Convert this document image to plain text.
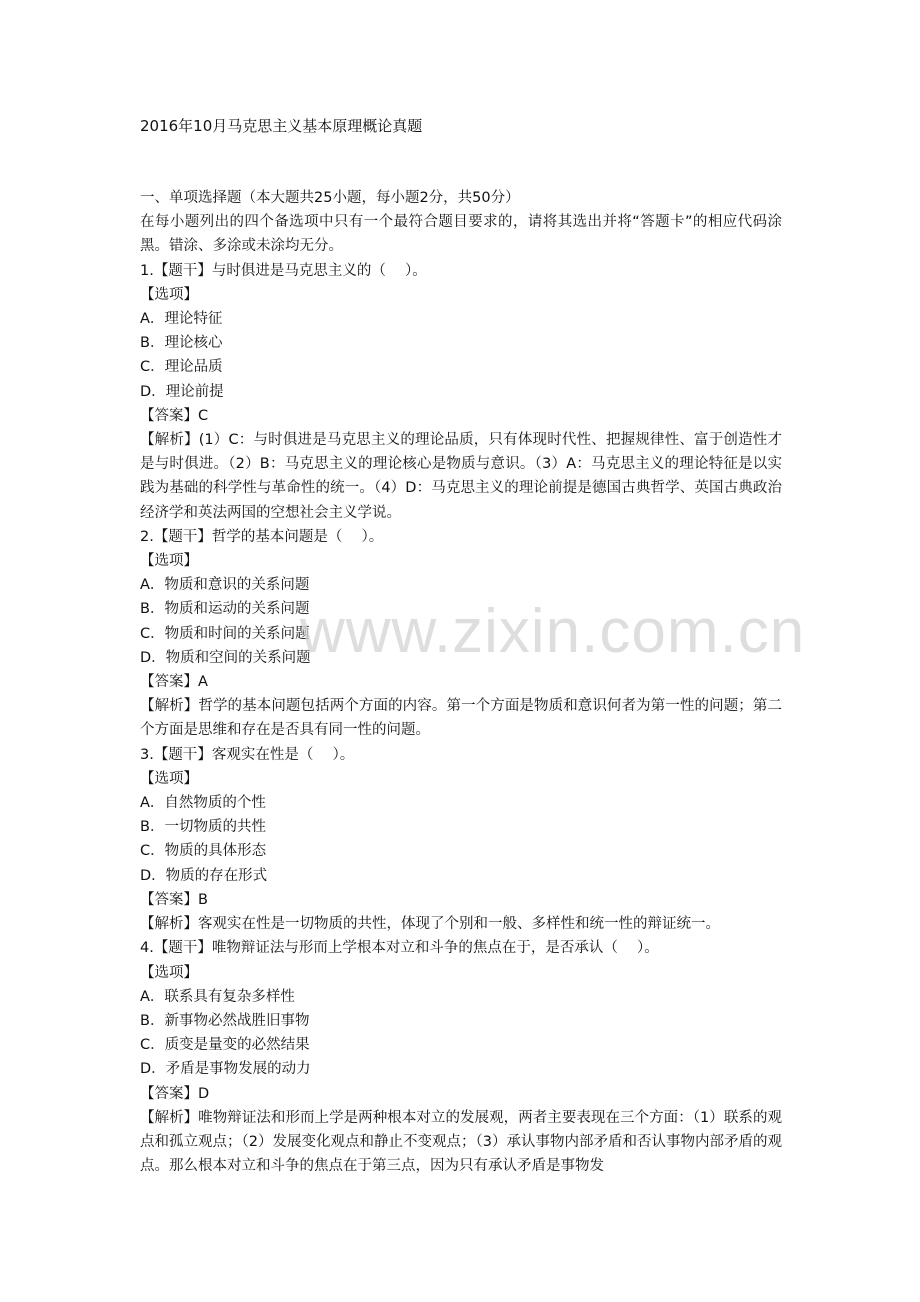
2016年10月马克思主义基本原理概论真题
一、单项选择题（本大题共25小题，每小题2分，共50分）
在每小题列出的四个备选项中只有一个最符合题目要求的，请将其选出并将“答题卡”的相应代码涂黑。错涂、多涂或未涂均无分。
1.【题干】与时俱进是马克思主义的（　 ）。
【选项】
A．理论特征
B．理论核心
C．理论品质
D．理论前提
【答案】C
【解析】(1）C：与时俱进是马克思主义的理论品质，只有体现时代性、把握规律性、富于创造性才是与时俱进。（2）B：马克思主义的理论核心是物质与意识。（3）A：马克思主义的理论特征是以实践为基础的科学性与革命性的统一。（4）D：马克思主义的理论前提是德国古典哲学、英国古典政治经济学和英法两国的空想社会主义学说。
2.【题干】哲学的基本问题是（　 ）。
【选项】
A．物质和意识的关系问题
B．物质和运动的关系问题
C．物质和时间的关系问题
D．物质和空间的关系问题
【答案】A
【解析】哲学的基本问题包括两个方面的内容。第一个方面是物质和意识何者为第一性的问题；第二个方面是思维和存在是否具有同一性的问题。
3.【题干】客观实在性是（　 ）。
【选项】
A．自然物质的个性
B．一切物质的共性
C．物质的具体形态
D．物质的存在形式
【答案】B
【解析】客观实在性是一切物质的共性，体现了个别和一般、多样性和统一性的辩证统一。
4.【题干】唯物辩证法与形而上学根本对立和斗争的焦点在于，是否承认（　 ）。
【选项】
A．联系具有复杂多样性
B．新事物必然战胜旧事物
C．质变是量变的必然结果
D．矛盾是事物发展的动力
【答案】D
【解析】唯物辩证法和形而上学是两种根本对立的发展观，两者主要表现在三个方面：（1）联系的观点和孤立观点；（2）发展变化观点和静止不变观点；（3）承认事物内部矛盾和否认事物内部矛盾的观点。那么根本对立和斗争的焦点在于第三点，因为只有承认矛盾是事物发
www.zixin.com.cn
